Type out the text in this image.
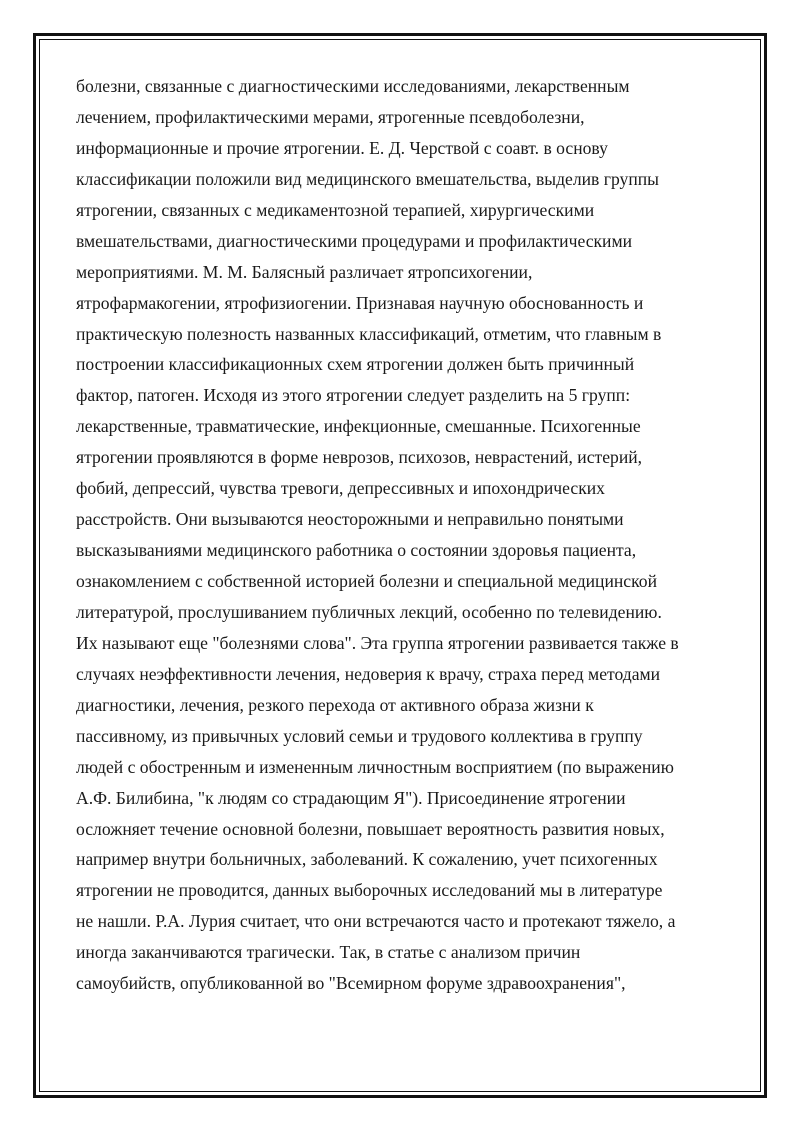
болезни, связанные с диагностическими исследованиями, лекарственным
лечением, профилактическими мерами, ятрогенные псевдоболезни,
информационные и прочие ятрогении. Е. Д. Черствой с соавт. в основу
классификации положили вид медицинского вмешательства, выделив группы
ятрогении, связанных с медикаментозной терапией, хирургическими
вмешательствами, диагностическими процедурами и профилактическими
мероприятиями. М. М. Балясный различает ятропсихогении,
ятрофармакогении, ятрофизиогении. Признавая научную обоснованность и
практическую полезность названных классификаций, отметим, что главным в
построении классификационных схем ятрогении должен быть причинный
фактор, патоген. Исходя из этого ятрогении следует разделить на 5 групп:
лекарственные, травматические, инфекционные, смешанные. Психогенные
ятрогении проявляются в форме неврозов, психозов, неврастений, истерий,
фобий, депрессий, чувства тревоги, депрессивных и ипохондрических
расстройств. Они вызываются неосторожными и неправильно понятыми
высказываниями медицинского работника о состоянии здоровья пациента,
ознакомлением с собственной историей болезни и специальной медицинской
литературой, прослушиванием публичных лекций, особенно по телевидению.
Их называют еще "болезнями слова". Эта группа ятрогении развивается также в
случаях неэффективности лечения, недоверия к врачу, страха перед методами
диагностики, лечения, резкого перехода от активного образа жизни к
пассивному, из привычных условий семьи и трудового коллектива в группу
людей с обостренным и измененным личностным восприятием (по выражению
А.Ф. Билибина, "к людям со страдающим Я"). Присоединение ятрогении
осложняет течение основной болезни, повышает вероятность развития новых,
например внутри больничных, заболеваний. К сожалению, учет психогенных
ятрогении не проводится, данных выборочных исследований мы в литературе
не нашли. Р.А. Лурия считает, что они встречаются часто и протекают тяжело, а
иногда заканчиваются трагически. Так, в статье с анализом причин
самоубийств, опубликованной во "Всемирном форуме здравоохранения",
